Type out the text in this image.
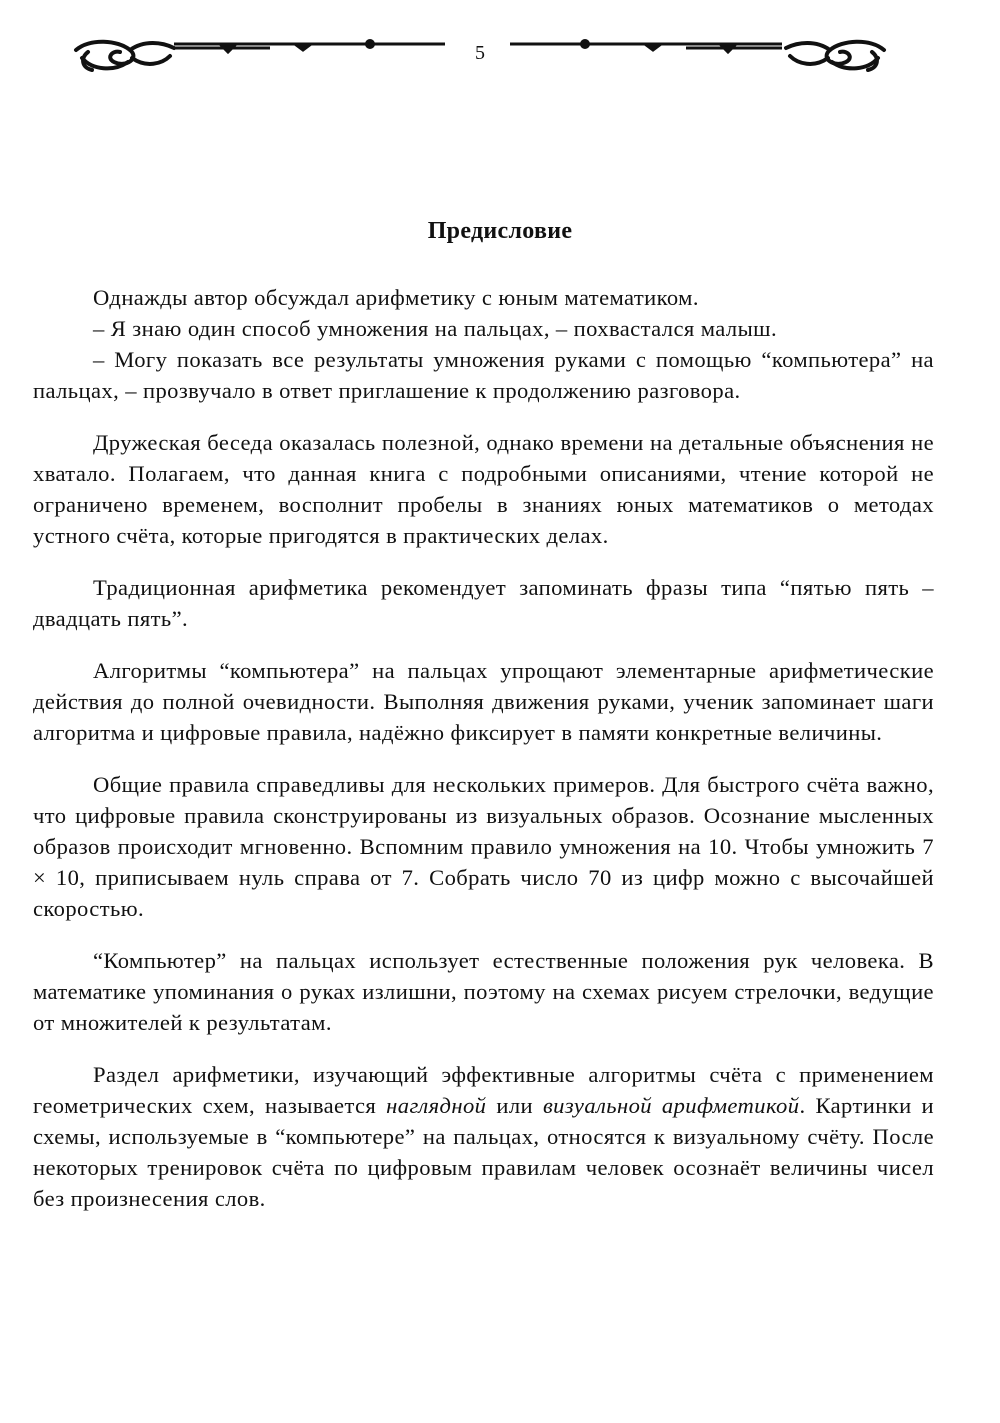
5
Предисловие

Однажды автор обсуждал арифметику с юным математиком.

– Я знаю один способ умножения на пальцах, – похвастался малыш.

– Могу показать все результаты умножения руками с помощью “компьютера” на пальцах, – прозвучало в ответ приглашение к продолжению разговора.

Дружеская беседа оказалась полезной, однако времени на детальные объяснения не хватало. Полагаем, что данная книга с подробными описаниями, чтение которой не ограничено временем, восполнит пробелы в знаниях юных математиков о методах устного счёта, которые пригодятся в практических делах.

Традиционная арифметика рекомендует запоминать фразы типа “пятью пять – двадцать пять”.

Алгоритмы “компьютера” на пальцах упрощают элементарные арифметические действия до полной очевидности. Выполняя движения руками, ученик запоминает шаги алгоритма и цифровые правила, надёжно фиксирует в памяти конкретные величины.

Общие правила справедливы для нескольких примеров. Для быстрого счёта важно, что цифровые правила сконструированы из визуальных образов. Осознание мысленных образов происходит мгновенно. Вспомним правило умножения на 10. Чтобы умножить 7 × 10, приписываем нуль справа от 7. Собрать число 70 из цифр можно с высочайшей скоростью.

“Компьютер” на пальцах использует естественные положения рук человека. В математике упоминания о руках излишни, поэтому на схемах рисуем стрелочки, ведущие от множителей к результатам.

Раздел арифметики, изучающий эффективные алгоритмы счёта с применением геометрических схем, называется наглядной или визуальной арифметикой. Картинки и схемы, используемые в “компьютере” на пальцах, относятся к визуальному счёту. После некоторых тренировок счёта по цифровым правилам человек осознаёт величины чисел без произнесения слов.
